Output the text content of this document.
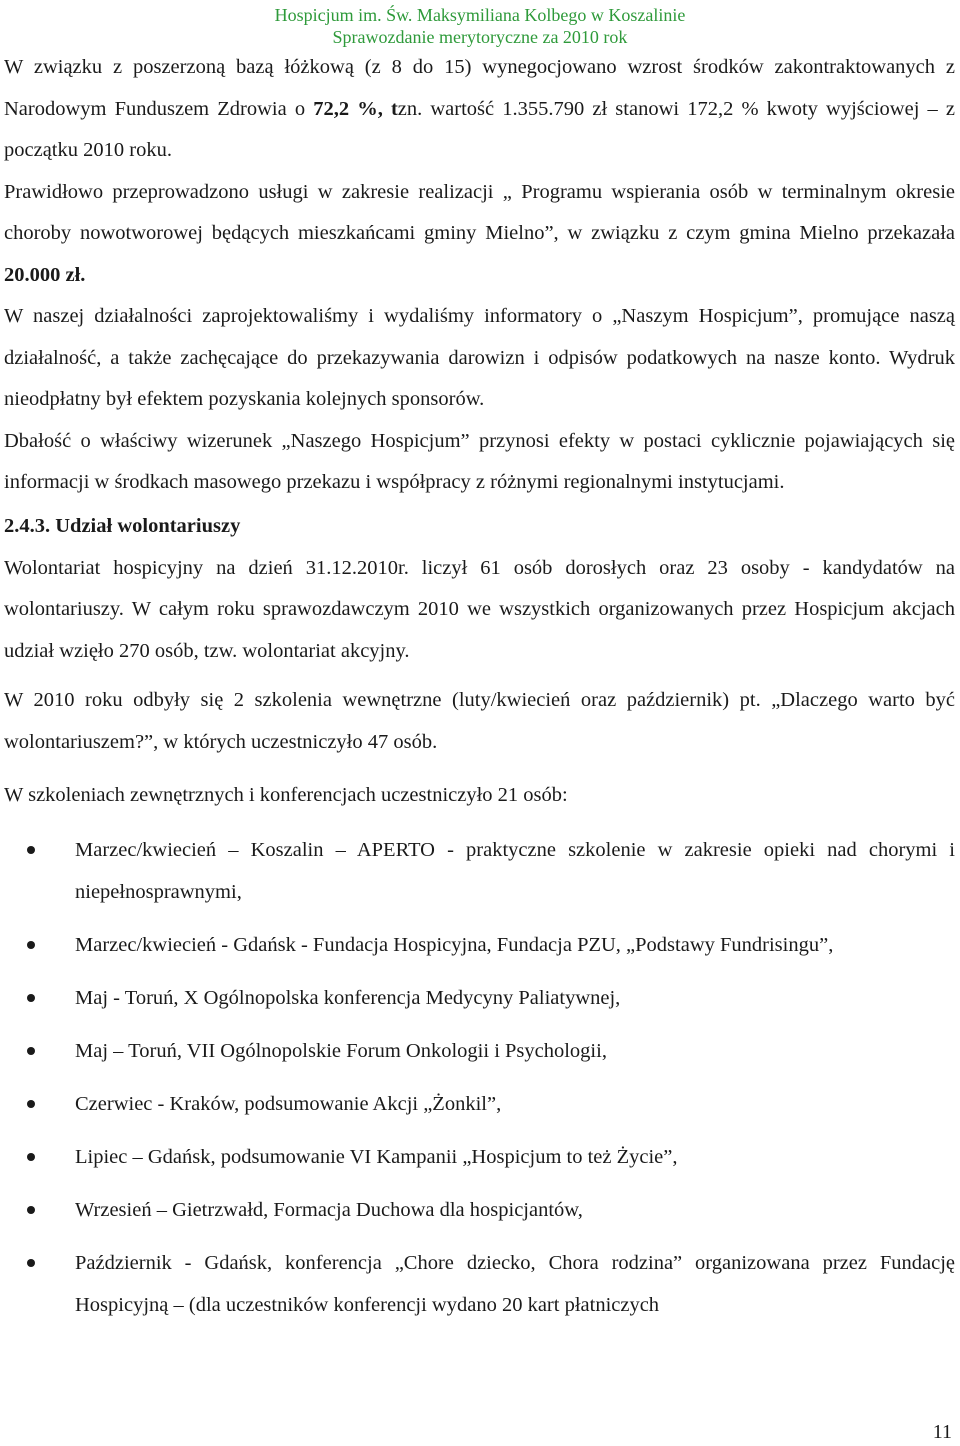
Hospicjum im. Św. Maksymiliana Kolbego w Koszalinie
Sprawozdanie merytoryczne za 2010 rok

W związku z poszerzoną bazą łóżkową (z 8 do 15) wynegocjowano wzrost środków zakontraktowanych z Narodowym Funduszem Zdrowia o 72,2 %, tzn. wartość 1.355.790 zł stanowi 172,2 % kwoty wyjściowej – z początku 2010 roku.

Prawidłowo przeprowadzono usługi w zakresie realizacji „ Programu wspierania osób w terminalnym okresie choroby nowotworowej będących mieszkańcami gminy Mielno”, w związku z czym gmina Mielno przekazała 20.000 zł.

W naszej działalności zaprojektowaliśmy i wydaliśmy informatory o „Naszym Hospicjum”, promujące naszą działalność, a także zachęcające do przekazywania darowizn i odpisów podatkowych na nasze konto. Wydruk nieodpłatny był efektem pozyskania kolejnych sponsorów.

Dbałość o właściwy wizerunek „Naszego Hospicjum” przynosi efekty w postaci cyklicznie pojawiających się informacji w środkach masowego przekazu i współpracy z różnymi regionalnymi instytucjami.

2.4.3. Udział wolontariuszy

Wolontariat hospicyjny na dzień 31.12.2010r. liczył 61 osób dorosłych oraz 23 osoby - kandydatów na wolontariuszy. W całym roku sprawozdawczym 2010 we wszystkich organizowanych przez Hospicjum akcjach udział wzięło 270 osób, tzw. wolontariat akcyjny.

W 2010 roku odbyły się 2 szkolenia wewnętrzne (luty/kwiecień oraz październik) pt. „Dlaczego warto być wolontariuszem?”, w których uczestniczyło 47 osób.

W szkoleniach zewnętrznych i konferencjach uczestniczyło 21 osób:

Marzec/kwiecień – Koszalin – APERTO - praktyczne szkolenie w zakresie opieki nad chorymi i niepełnosprawnymi,
Marzec/kwiecień - Gdańsk - Fundacja Hospicyjna, Fundacja PZU, „Podstawy Fundrisingu”,
Maj - Toruń, X Ogólnopolska konferencja Medycyny Paliatywnej,
Maj – Toruń, VII Ogólnopolskie Forum Onkologii i Psychologii,
Czerwiec - Kraków, podsumowanie Akcji „Żonkil”,
Lipiec – Gdańsk, podsumowanie VI Kampanii „Hospicjum to też Życie”,
Wrzesień – Gietrzwałd, Formacja Duchowa dla hospicjantów,
Październik - Gdańsk, konferencja „Chore dziecko, Chora rodzina” organizowana przez Fundację Hospicyjną – (dla uczestników konferencji wydano 20 kart płatniczych
11
